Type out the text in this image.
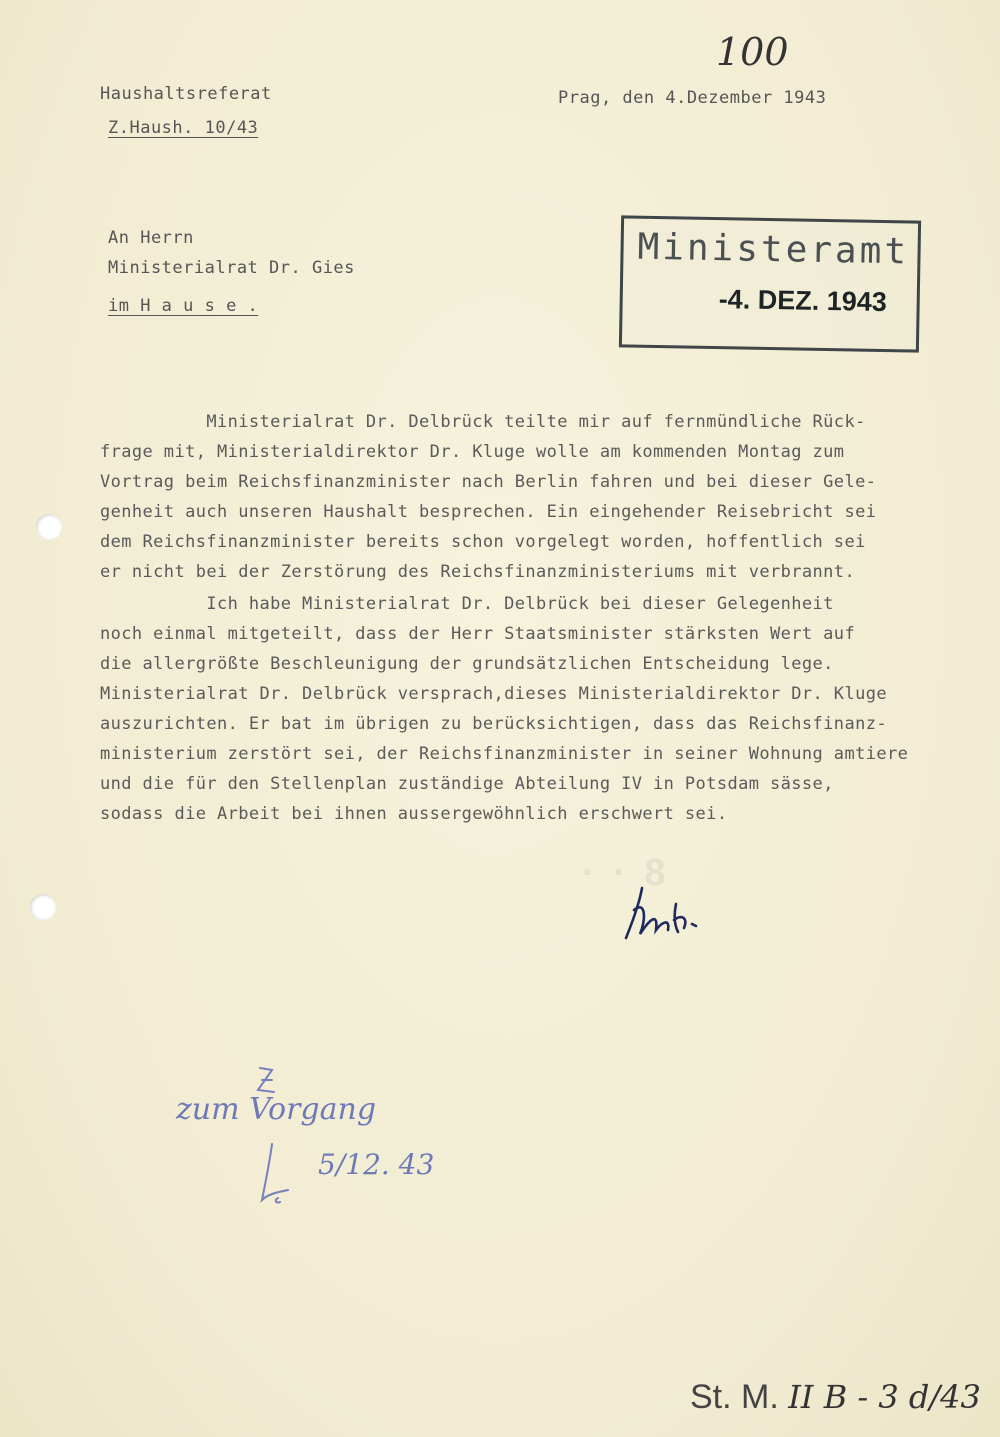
100
Haushaltsreferat
Z.Haush. 10/43
Prag, den 4.Dezember 1943
An Herrn
Ministerialrat Dr. Gies
im H a u s e .
Ministeramt
-4. DEZ. 1943
Ministerialrat Dr. Delbrück teilte mir auf fernmündliche Rück-
frage mit, Ministerialdirektor Dr. Kluge wolle am kommenden Montag zum
Vortrag beim Reichsfinanzminister nach Berlin fahren und bei dieser Gele-
genheit auch unseren Haushalt besprechen. Ein eingehender Reisebricht sei
dem Reichsfinanzminister bereits schon vorgelegt worden, hoffentlich sei
er nicht bei der Zerstörung des Reichsfinanzministeriums mit verbrannt.
Ich habe Ministerialrat Dr. Delbrück bei dieser Gelegenheit
noch einmal mitgeteilt, dass der Herr Staatsminister stärksten Wert auf
die allergrößte Beschleunigung der grundsätzlichen Entscheidung lege.
Ministerialrat Dr. Delbrück versprach,dieses Ministerialdirektor Dr. Kluge
auszurichten. Er bat im übrigen zu berücksichtigen, dass das Reichsfinanz-
ministerium zerstört sei, der Reichsfinanzminister in seiner Wohnung amtiere
und die für den Stellenplan zuständige Abteilung IV in Potsdam sässe,
sodass die Arbeit bei ihnen aussergewöhnlich erschwert sei.
· · 8
zum Vorgang
5/12. 43
St. M. II B - 3 d/43
